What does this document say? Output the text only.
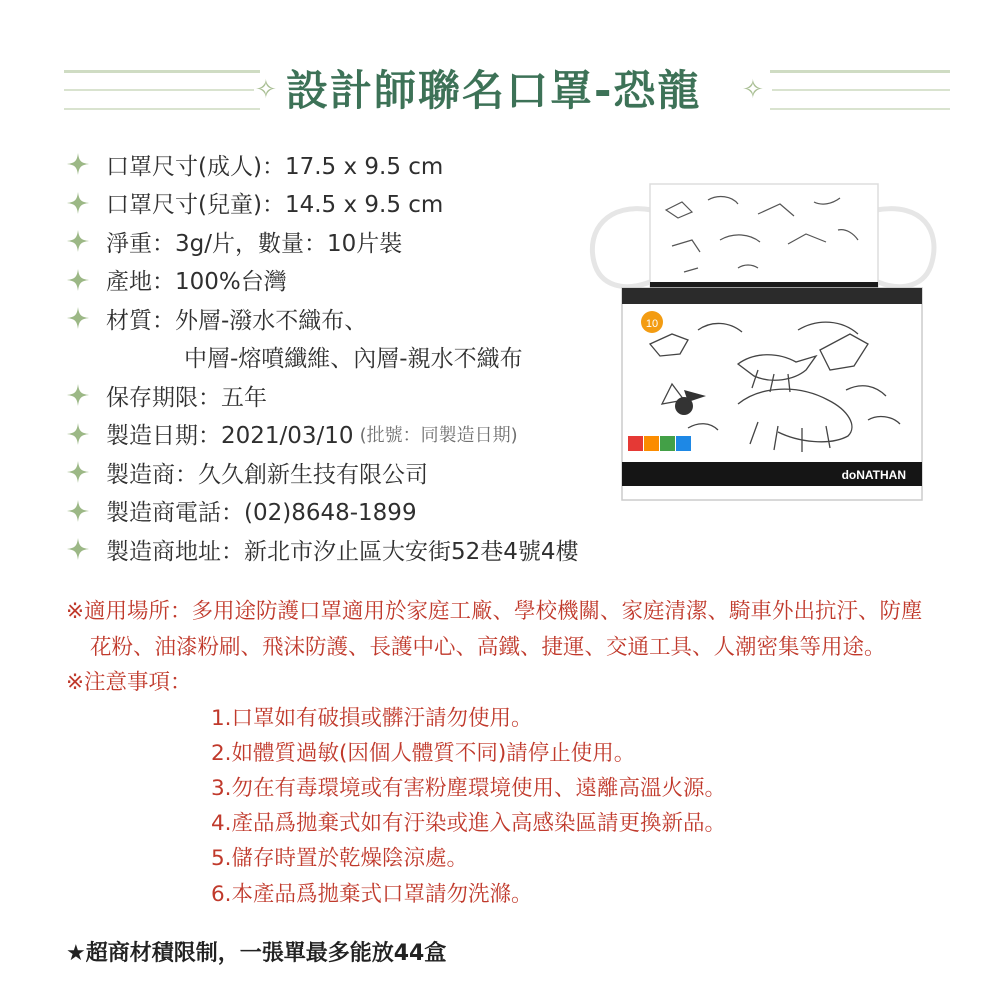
✧	✧
設計師聯名口罩-恐龍
口罩尺寸(成人)：17.5 x 9.5 cm
口罩尺寸(兒童)：14.5 x 9.5 cm
淨重：3g/片，數量：10片裝
產地：100%台灣
材質：外層-潑水不織布、
中層-熔噴纖維、內層-親水不織布
保存期限：五年
製造日期：2021/03/10 (批號：同製造日期)
製造商：久久創新生技有限公司
製造商電話：(02)8648-1899
製造商地址：新北市汐止區大安街52巷4號4樓
10
doNATHAN
※適用場所：多用途防護口罩適用於家庭工廠、學校機關、家庭清潔、騎車外出抗汙、防塵花粉、油漆粉刷、飛沫防護、長護中心、高鐵、捷運、交通工具、人潮密集等用途。
※注意事項：
1.口罩如有破損或髒汙請勿使用。
2.如體質過敏(因個人體質不同)請停止使用。
3.勿在有毒環境或有害粉塵環境使用、遠離高溫火源。
4.產品爲拋棄式如有汙染或進入高感染區請更換新品。
5.儲存時置於乾燥陰涼處。
6.本產品爲拋棄式口罩請勿洗滌。
★超商材積限制，一張單最多能放44盒
